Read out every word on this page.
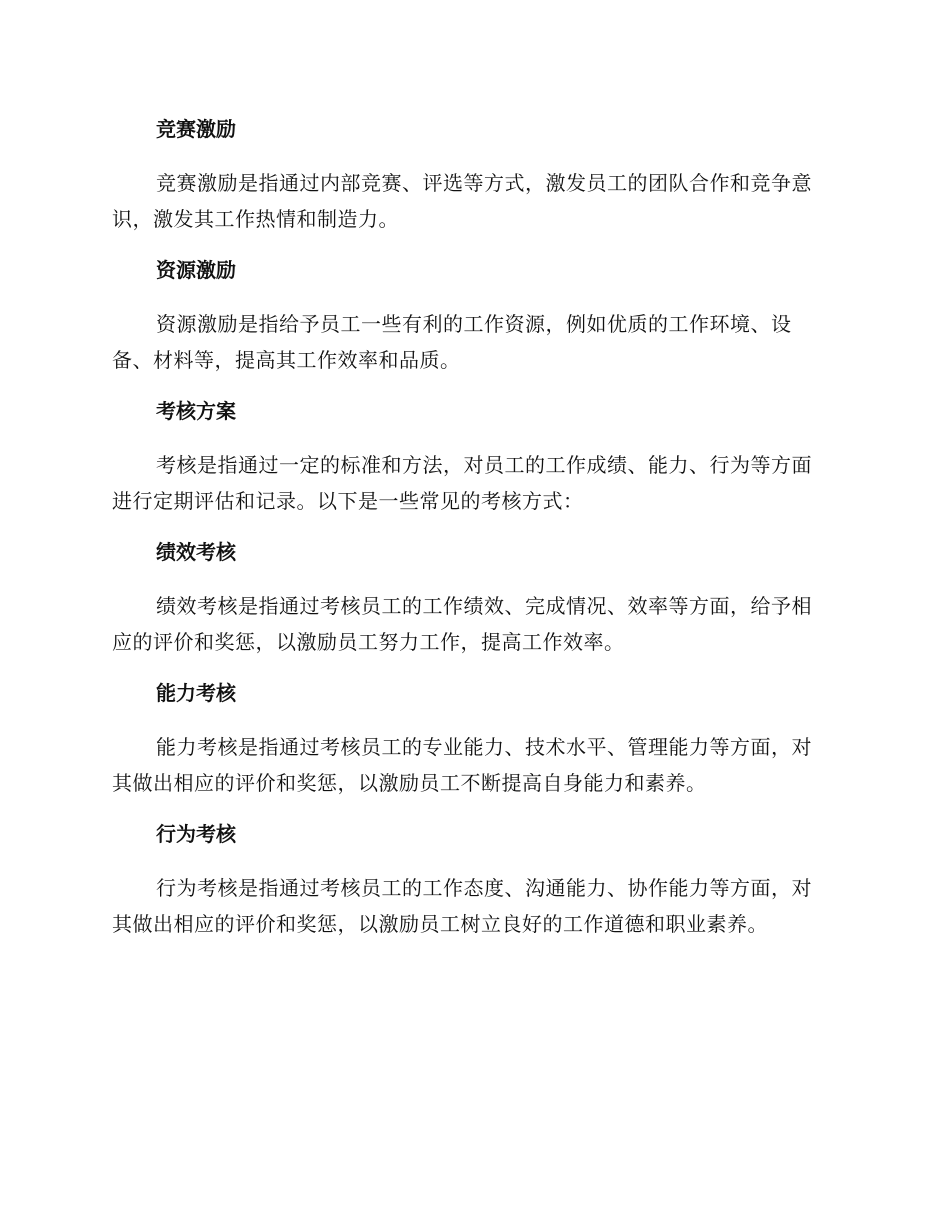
竞赛激励

竞赛激励是指通过内部竞赛、评选等方式，激发员工的团队合作和竞争意识，激发其工作热情和制造力。

资源激励

资源激励是指给予员工一些有利的工作资源，例如优质的工作环境、设备、材料等，提高其工作效率和品质。

考核方案

考核是指通过一定的标准和方法，对员工的工作成绩、能力、行为等方面进行定期评估和记录。以下是一些常见的考核方式：

绩效考核

绩效考核是指通过考核员工的工作绩效、完成情况、效率等方面，给予相应的评价和奖惩，以激励员工努力工作，提高工作效率。

能力考核

能力考核是指通过考核员工的专业能力、技术水平、管理能力等方面，对其做出相应的评价和奖惩，以激励员工不断提高自身能力和素养。

行为考核

行为考核是指通过考核员工的工作态度、沟通能力、协作能力等方面，对其做出相应的评价和奖惩，以激励员工树立良好的工作道德和职业素养。
